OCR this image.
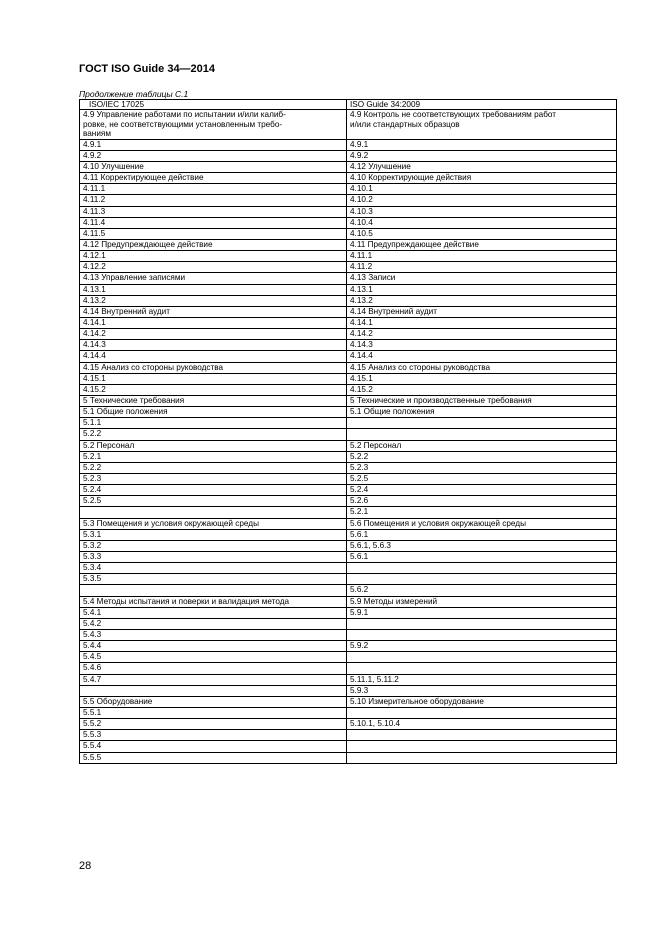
ГОСТ ISO Guide 34—2014
Продолжение таблицы С.1
ISO/IEC 17025	ISO Guide 34:2009
4.9 Управление работами по испытании и/или калиб-
ровке, не соответствующими установленным требо-
ваниям	4.9 Контроль не соответствующих требованиям работ
и/или стандартных образцов
4.9.1	4.9.1
4.9.2	4.9.2
4.10 Улучшение	4.12 Улучшение
4.11 Корректирующее действие	4.10 Корректирующие действия
4.11.1	4.10.1
4.11.2	4.10.2
4.11.3	4.10.3
4.11.4	4.10.4
4.11.5	4.10.5
4.12 Предупреждающее действие	4.11 Предупреждающее действие
4.12.1	4.11.1
4.12.2	4.11.2
4.13 Управление записями	4.13 Записи
4.13.1	4.13.1
4.13.2	4.13.2
4.14 Внутренний аудит	4.14 Внутренний аудит
4.14.1	4.14.1
4.14.2	4.14.2
4.14.3	4.14.3
4.14.4	4.14.4
4.15 Анализ со стороны руководства	4.15 Анализ со стороны руководства
4.15.1	4.15.1
4.15.2	4.15.2
5 Технические требования	5 Технические и производственные требования
5.1 Общие положения	5.1 Общие положения
5.1.1	
5.2.2	
5.2 Персонал	5.2 Персонал
5.2.1	5.2.2
5.2.2	5.2.3
5.2.3	5.2.5
5.2.4	5.2.4
5.2.5	5.2.6
	5.2.1
5.3 Помещения и условия окружающей среды	5.6 Помещения и условия окружающей среды
5.3.1	5.6.1
5.3.2	5.6.1, 5.6.3
5.3.3	5.6.1
5.3.4	
5.3.5	
	5.6.2
5.4 Методы испытания и поверки и валидация метода	5.9 Методы измерений
5.4.1	5.9.1
5.4.2	
5.4.3	
5.4.4	5.9.2
5.4.5	
5.4.6	
5.4.7	5.11.1, 5.11.2
	5.9.3
5.5 Оборудование	5.10 Измерительное оборудование
5.5.1	
5.5.2	5.10.1, 5.10.4
5.5.3	
5.5.4	
5.5.5	
28
